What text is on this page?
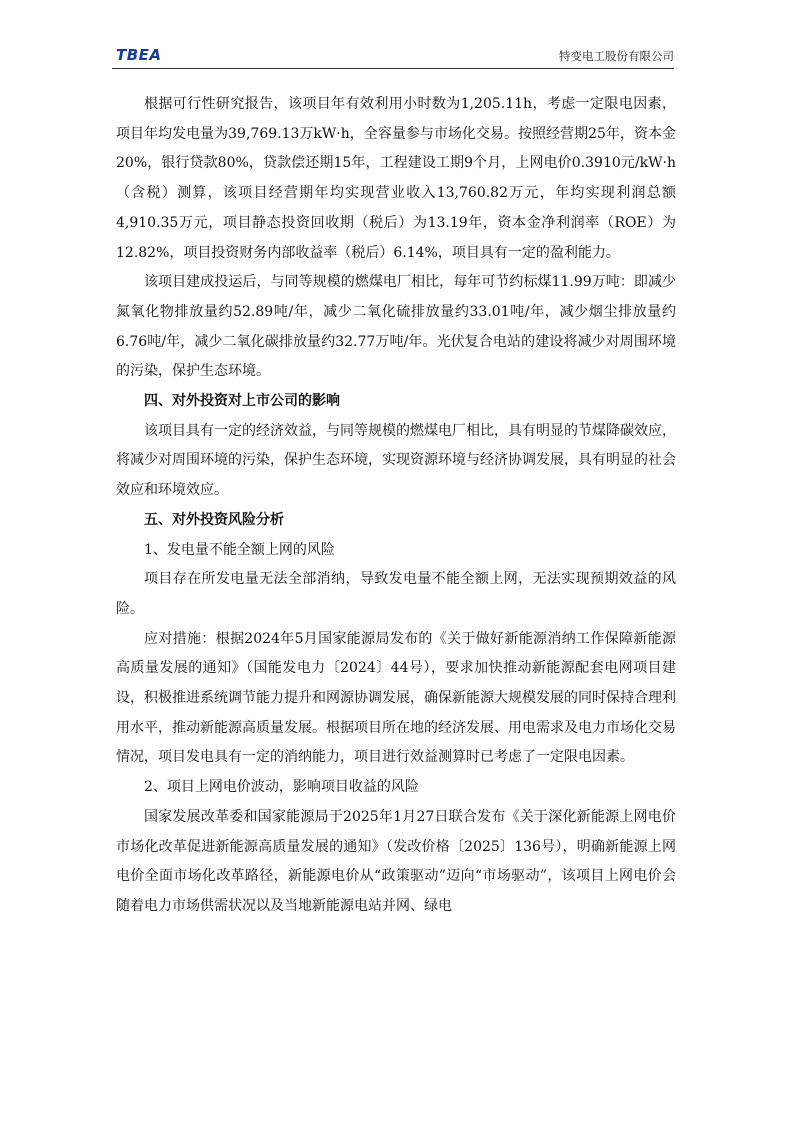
TBEA	特变电工股份有限公司

根据可行性研究报告，该项目年有效利用小时数为1,205.11h，考虑一定限电因素，项目年均发电量为39,769.13万kW·h，全容量参与市场化交易。按照经营期25年，资本金20%，银行贷款80%，贷款偿还期15年，工程建设工期9个月，上网电价0.3910元/kW·h（含税）测算，该项目经营期年均实现营业收入13,760.82万元，年均实现利润总额4,910.35万元，项目静态投资回收期（税后）为13.19年，资本金净利润率（ROE）为12.82%，项目投资财务内部收益率（税后）6.14%，项目具有一定的盈利能力。

该项目建成投运后，与同等规模的燃煤电厂相比，每年可节约标煤11.99万吨：即减少氮氧化物排放量约52.89吨/年，减少二氧化硫排放量约33.01吨/年，减少烟尘排放量约6.76吨/年，减少二氧化碳排放量约32.77万吨/年。光伏复合电站的建设将减少对周围环境的污染，保护生态环境。

四、对外投资对上市公司的影响

该项目具有一定的经济效益，与同等规模的燃煤电厂相比，具有明显的节煤降碳效应，将减少对周围环境的污染，保护生态环境，实现资源环境与经济协调发展，具有明显的社会效应和环境效应。

五、对外投资风险分析

1、发电量不能全额上网的风险

项目存在所发电量无法全部消纳，导致发电量不能全额上网，无法实现预期效益的风险。

应对措施：根据2024年5月国家能源局发布的《关于做好新能源消纳工作保障新能源高质量发展的通知》（国能发电力〔2024〕44号），要求加快推动新能源配套电网项目建设，积极推进系统调节能力提升和网源协调发展，确保新能源大规模发展的同时保持合理利用水平，推动新能源高质量发展。根据项目所在地的经济发展、用电需求及电力市场化交易情况，项目发电具有一定的消纳能力，项目进行效益测算时已考虑了一定限电因素。

2、项目上网电价波动，影响项目收益的风险

国家发展改革委和国家能源局于2025年1月27日联合发布《关于深化新能源上网电价市场化改革促进新能源高质量发展的通知》（发改价格〔2025〕136号），明确新能源上网电价全面市场化改革路径，新能源电价从“政策驱动”迈向“市场驱动”，该项目上网电价会随着电力市场供需状况以及当地新能源电站并网、绿电
